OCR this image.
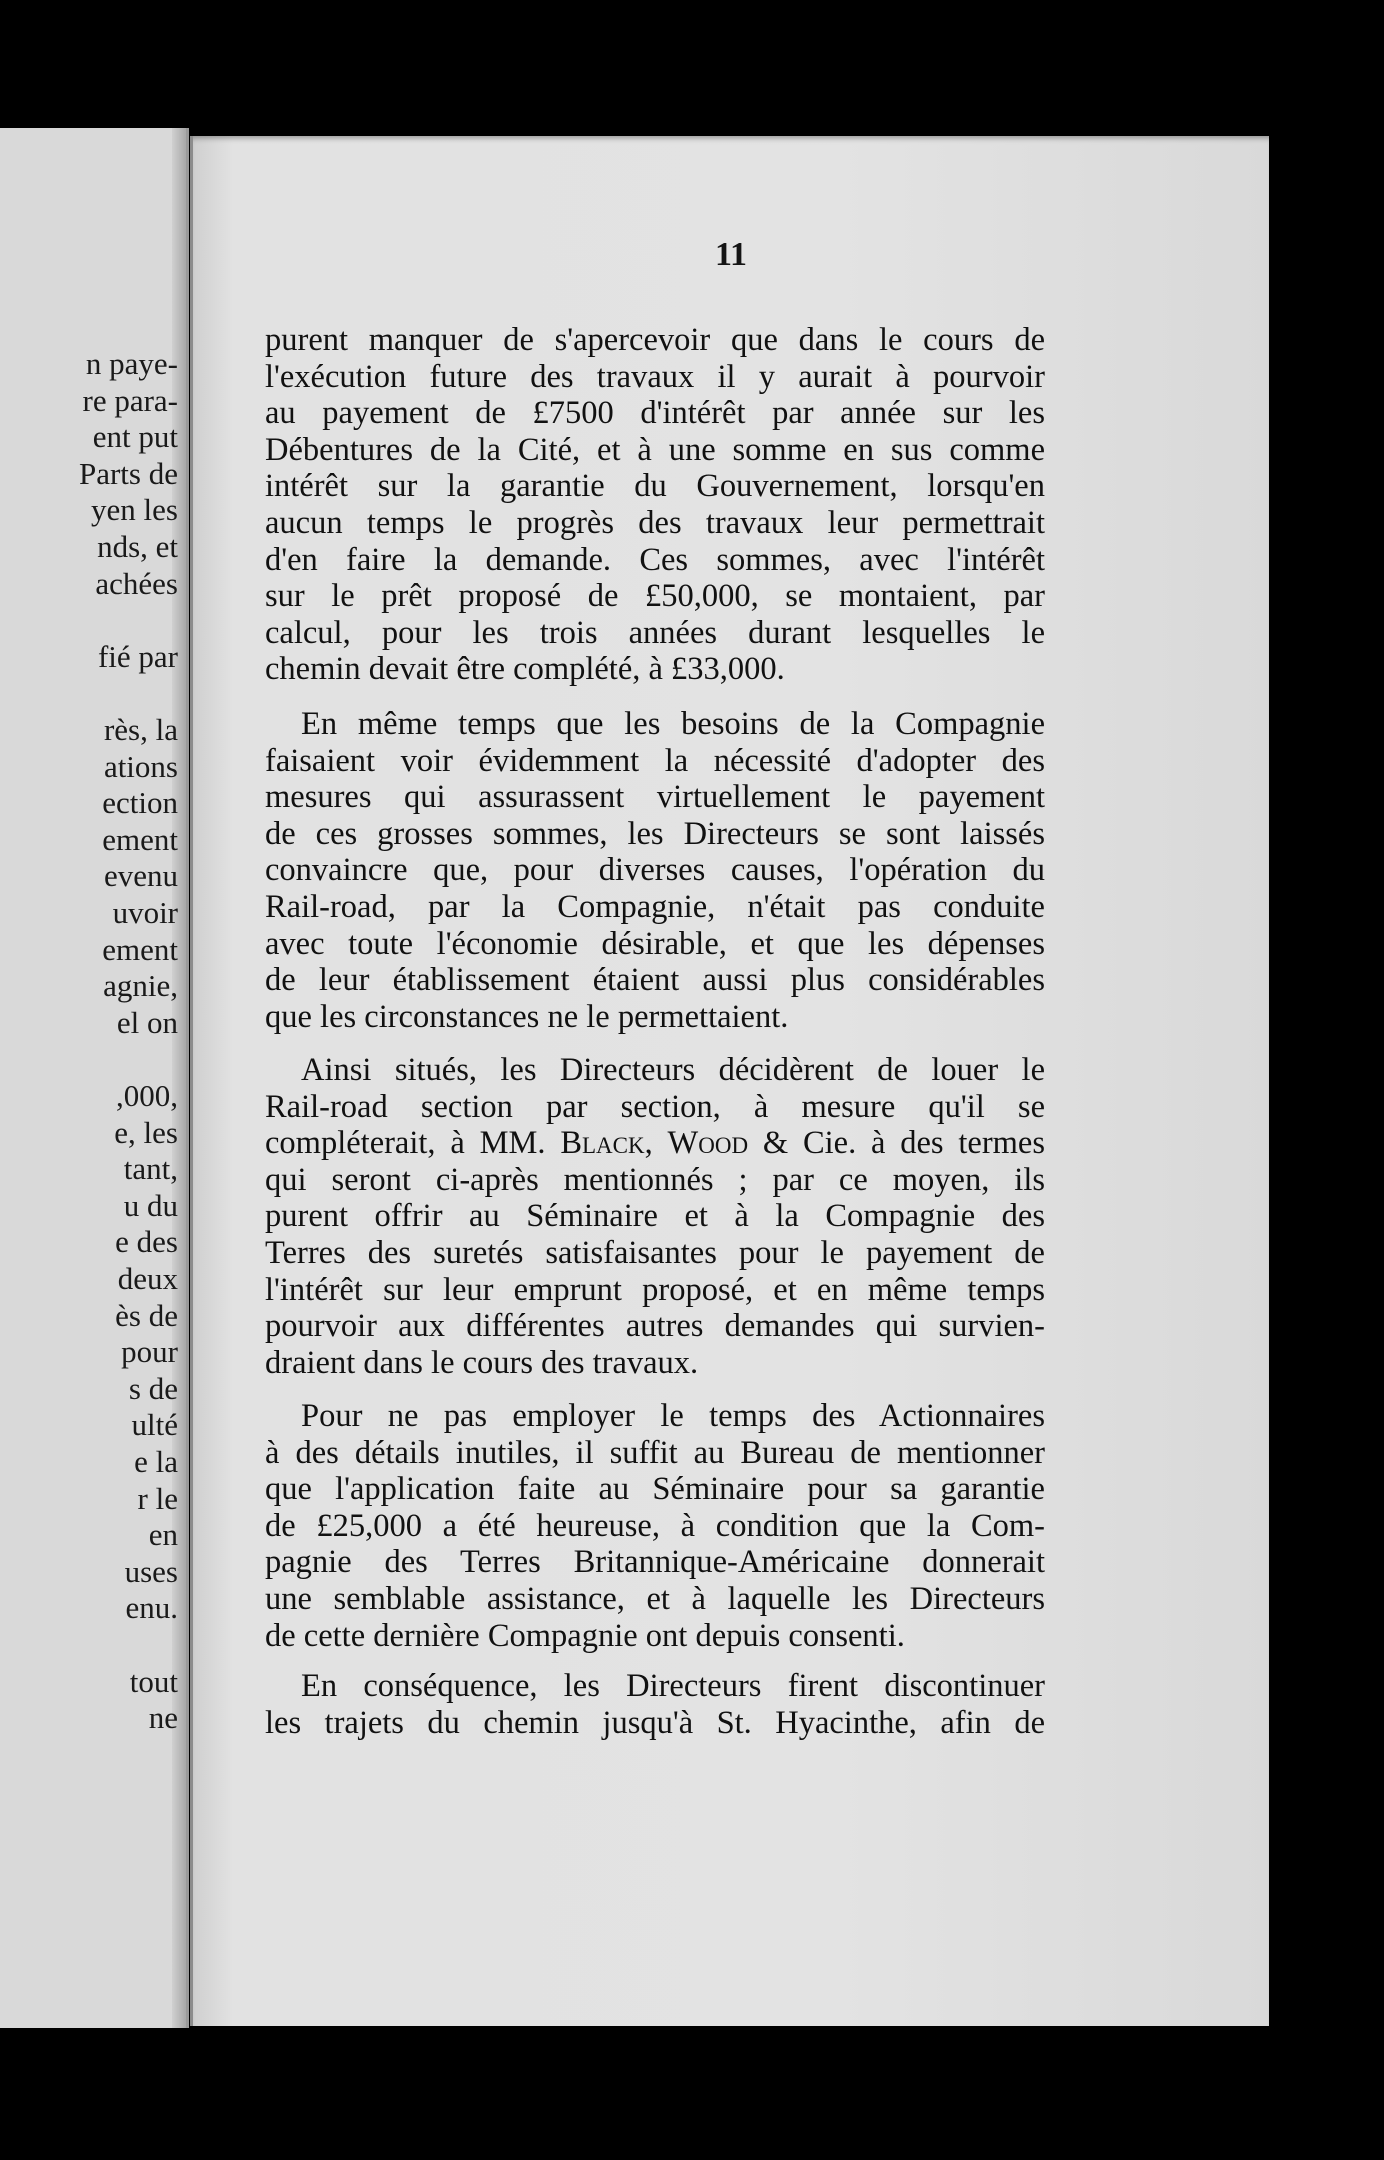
n paye-

re para-

ent put

Parts de

yen les

nds, et

achées

fié par

rès, la

ations

ection

ement

evenu

uvoir

ement

agnie,

el on

,000,

e, les

tant,

u du

e des

deux

ès de

pour

s de

ulté

e la

r le

en

uses

enu.

tout

ne

11

purent manquer de s'apercevoir que dans le cours de

l'exécution future des travaux il y aurait à pourvoir

au payement de £7500 d'intérêt par année sur les

Débentures de la Cité, et à une somme en sus comme

intérêt sur la garantie du Gouvernement, lorsqu'en

aucun temps le progrès des travaux leur permettrait

d'en faire la demande. Ces sommes, avec l'intérêt

sur le prêt proposé de £50,000, se montaient, par

calcul, pour les trois années durant lesquelles le

chemin devait être complété, à £33,000.

En même temps que les besoins de la Compagnie

faisaient voir évidemment la nécessité d'adopter des

mesures qui assurassent virtuellement le payement

de ces grosses sommes, les Directeurs se sont laissés

convaincre que, pour diverses causes, l'opération du

Rail-road, par la Compagnie, n'était pas conduite

avec toute l'économie désirable, et que les dépenses

de leur établissement étaient aussi plus considérables

que les circonstances ne le permettaient.

Ainsi situés, les Directeurs décidèrent de louer le

Rail-road section par section, à mesure qu'il se

compléterait, à MM. Black, Wood & Cie. à des termes

qui seront ci-après mentionnés ; par ce moyen, ils

purent offrir au Séminaire et à la Compagnie des

Terres des suretés satisfaisantes pour le payement de

l'intérêt sur leur emprunt proposé, et en même temps

pourvoir aux différentes autres demandes qui survien-

draient dans le cours des travaux.

Pour ne pas employer le temps des Actionnaires

à des détails inutiles, il suffit au Bureau de mentionner

que l'application faite au Séminaire pour sa garantie

de £25,000 a été heureuse, à condition que la Com-

pagnie des Terres Britannique-Américaine donnerait

une semblable assistance, et à laquelle les Directeurs

de cette dernière Compagnie ont depuis consenti.

En conséquence, les Directeurs firent discontinuer

les trajets du chemin jusqu'à St. Hyacinthe, afin de
